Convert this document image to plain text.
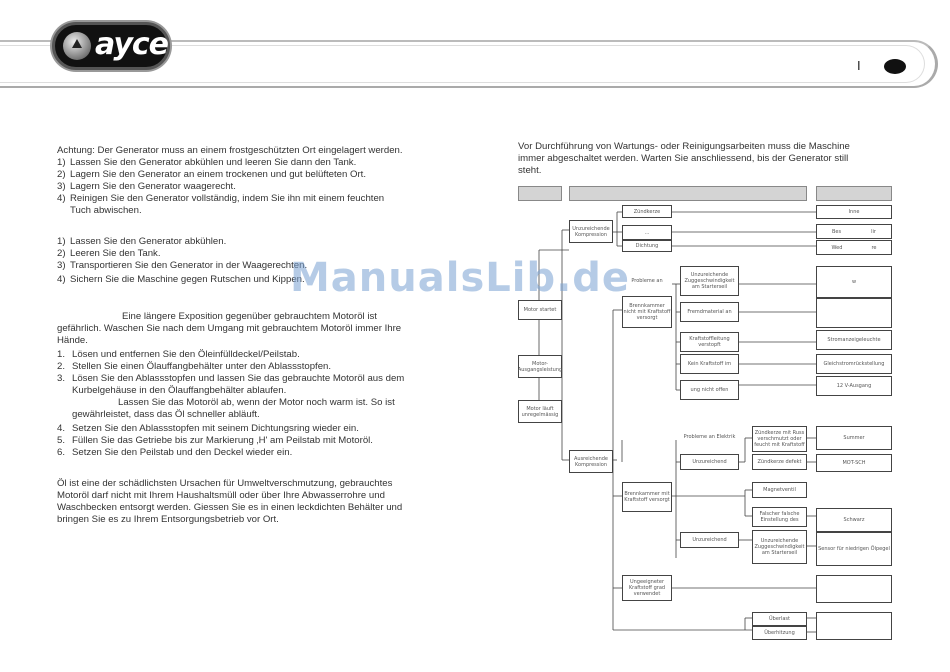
ayce
I
Achtung: Der Generator muss an einem frostgeschützten Ort eingelagert werden.
1) Lassen Sie den Generator abkühlen und leeren Sie dann den Tank.
2) Lagern Sie den Generator an einem trockenen und gut belüfteten Ort.
3) Lagern Sie den Generator waagerecht.
4) Reinigen Sie den Generator vollständig, indem Sie ihn mit einem feuchten
Tuch abwischen.
1) Lassen Sie den Generator abkühlen.
2) Leeren Sie den Tank.
3) Transportieren Sie den Generator in der Waagerechten.
4) Sichern Sie die Maschine gegen Rutschen und Kippen.
Eine längere Exposition gegenüber gebrauchtem Motoröl ist
gefährlich. Waschen Sie nach dem Umgang mit gebrauchtem Motoröl immer Ihre
Hände.
1. Lösen und entfernen Sie den Öleinfülldeckel/Peilstab.
2. Stellen Sie einen Ölauffangbehälter unter den Ablassstopfen.
3. Lösen Sie den Ablassstopfen und lassen Sie das gebrauchte Motoröl aus dem
Kurbelgehäuse in den Ölauffangbehälter ablaufen.
Lassen Sie das Motoröl ab, wenn der Motor noch warm ist. So ist
gewährleistet, dass das Öl schneller abläuft.
4. Setzen Sie den Ablassstopfen mit seinem Dichtungsring wieder ein.
5. Füllen Sie das Getriebe bis zur Markierung ‚H' am Peilstab mit Motoröl.
6. Setzen Sie den Peilstab und den Deckel wieder ein.
Öl ist eine der schädlichsten Ursachen für Umweltverschmutzung, gebrauchtes
Motoröl darf nicht mit Ihrem Haushaltsmüll oder über Ihre Abwasserrohre und
Waschbecken entsorgt werden. Giessen Sie es in einen leckdichten Behälter und
bringen Sie es zu Ihrem Entsorgungsbetrieb vor Ort.
Vor Durchführung von Wartungs- oder Reinigungsarbeiten muss die Maschine
immer abgeschaltet werden. Warten Sie anschliessend, bis der Generator still
steht.
Motor startet
Motor-Ausgangsleistung
Motor läuft unregelmässig
Unzureichende Kompression
Ausreichende Kompression
Zündkerze
...
Dichtung
Inne
Bes	lir
Wed	re
Probleme an
Brennkammer nicht mit Kraftstoff versorgt
Unzureichende Zuggeschwindigkeit am Starterseil
Fremdmaterial an
Kraftstoffleitung verstopft
Kein Kraftstoff im
ung nicht offen
w
Stromanzeigeleuchte
Gleichstromrückstellung
12 V-Ausgang
Probleme an Elektrik
Unzureichend
Zündkerze mit Russ verschmutzt oder feucht mit Kraftstoff
Zündkerze defekt
Summer
MOT-SCH
Brennkammer mit Kraftstoff versorgt
Magnetventil
Falscher falsche Einstellung des	Schwarz
Unzureichend	Unzureichende Zuggeschwindigkeit am Starterseil
Sensor für niedrigen Ölpegel
Ungeeigneter Kraftstoff grad verwendet
Überlast
Überhitzung
ManualsLib.de
